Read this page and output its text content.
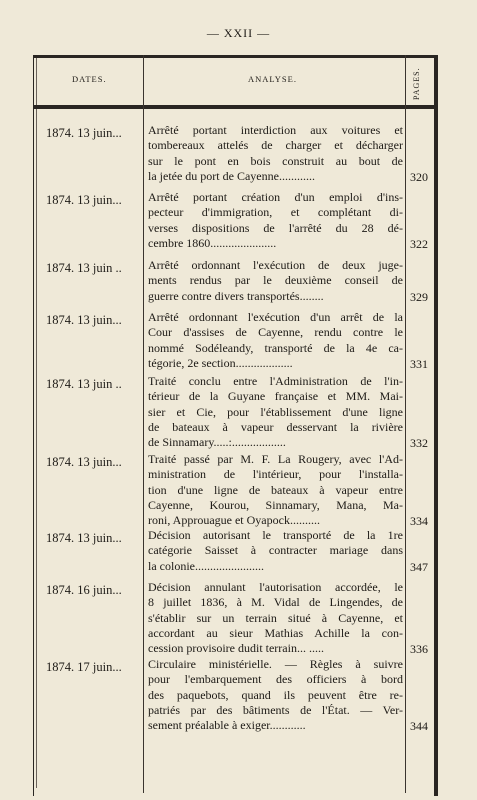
— XXII —
DATES.	ANALYSE.	PAGES.
1874. 13 juin...	Arrêté portant interdiction aux voitures et
tombereaux attelés de charger et décharger
sur le pont en bois construit au bout de
la jetée du port de Cayenne............	320
1874. 13 juin...	Arrêté portant création d'un emploi d'ins-
pecteur d'immigration, et complétant di-
verses dispositions de l'arrêté du 28 dé-
cembre 1860......................	322
1874. 13 juin ..	Arrêté ordonnant l'exécution de deux juge-
ments rendus par le deuxième conseil de
guerre contre divers transportés........	329
1874. 13 juin...	Arrêté ordonnant l'exécution d'un arrêt de la
Cour d'assises de Cayenne, rendu contre le
nommé Sodéleandy, transporté de la 4e ca-
tégorie, 2e section...................	331
1874. 13 juin ..	Traité conclu entre l'Administration de l'in-
térieur de la Guyane française et MM. Mai-
sier et Cie, pour l'établissement d'une ligne
de bateaux à vapeur desservant la rivière
de Sinnamary.....:..................	332
1874. 13 juin...	Traité passé par M. F. La Rougery, avec l'Ad-
ministration de l'intérieur, pour l'installa-
tion d'une ligne de bateaux à vapeur entre
Cayenne, Kourou, Sinnamary, Mana, Ma-
roni, Approuague et Oyapock..........	334
1874. 13 juin...	Décision autorisant le transporté de la 1re
catégorie Saisset à contracter mariage dans
la colonie.......................	347
1874. 16 juin...	Décision annulant l'autorisation accordée, le
8 juillet 1836, à M. Vidal de Lingendes, de
s'établir sur un terrain situé à Cayenne, et
accordant au sieur Mathias Achille la con-
cession provisoire dudit terrain... .....	336
1874. 17 juin...	Circulaire ministérielle. — Règles à suivre
pour l'embarquement des officiers à bord
des paquebots, quand ils peuvent être re-
patriés par des bâtiments de l'État. — Ver-
sement préalable à exiger............	344
